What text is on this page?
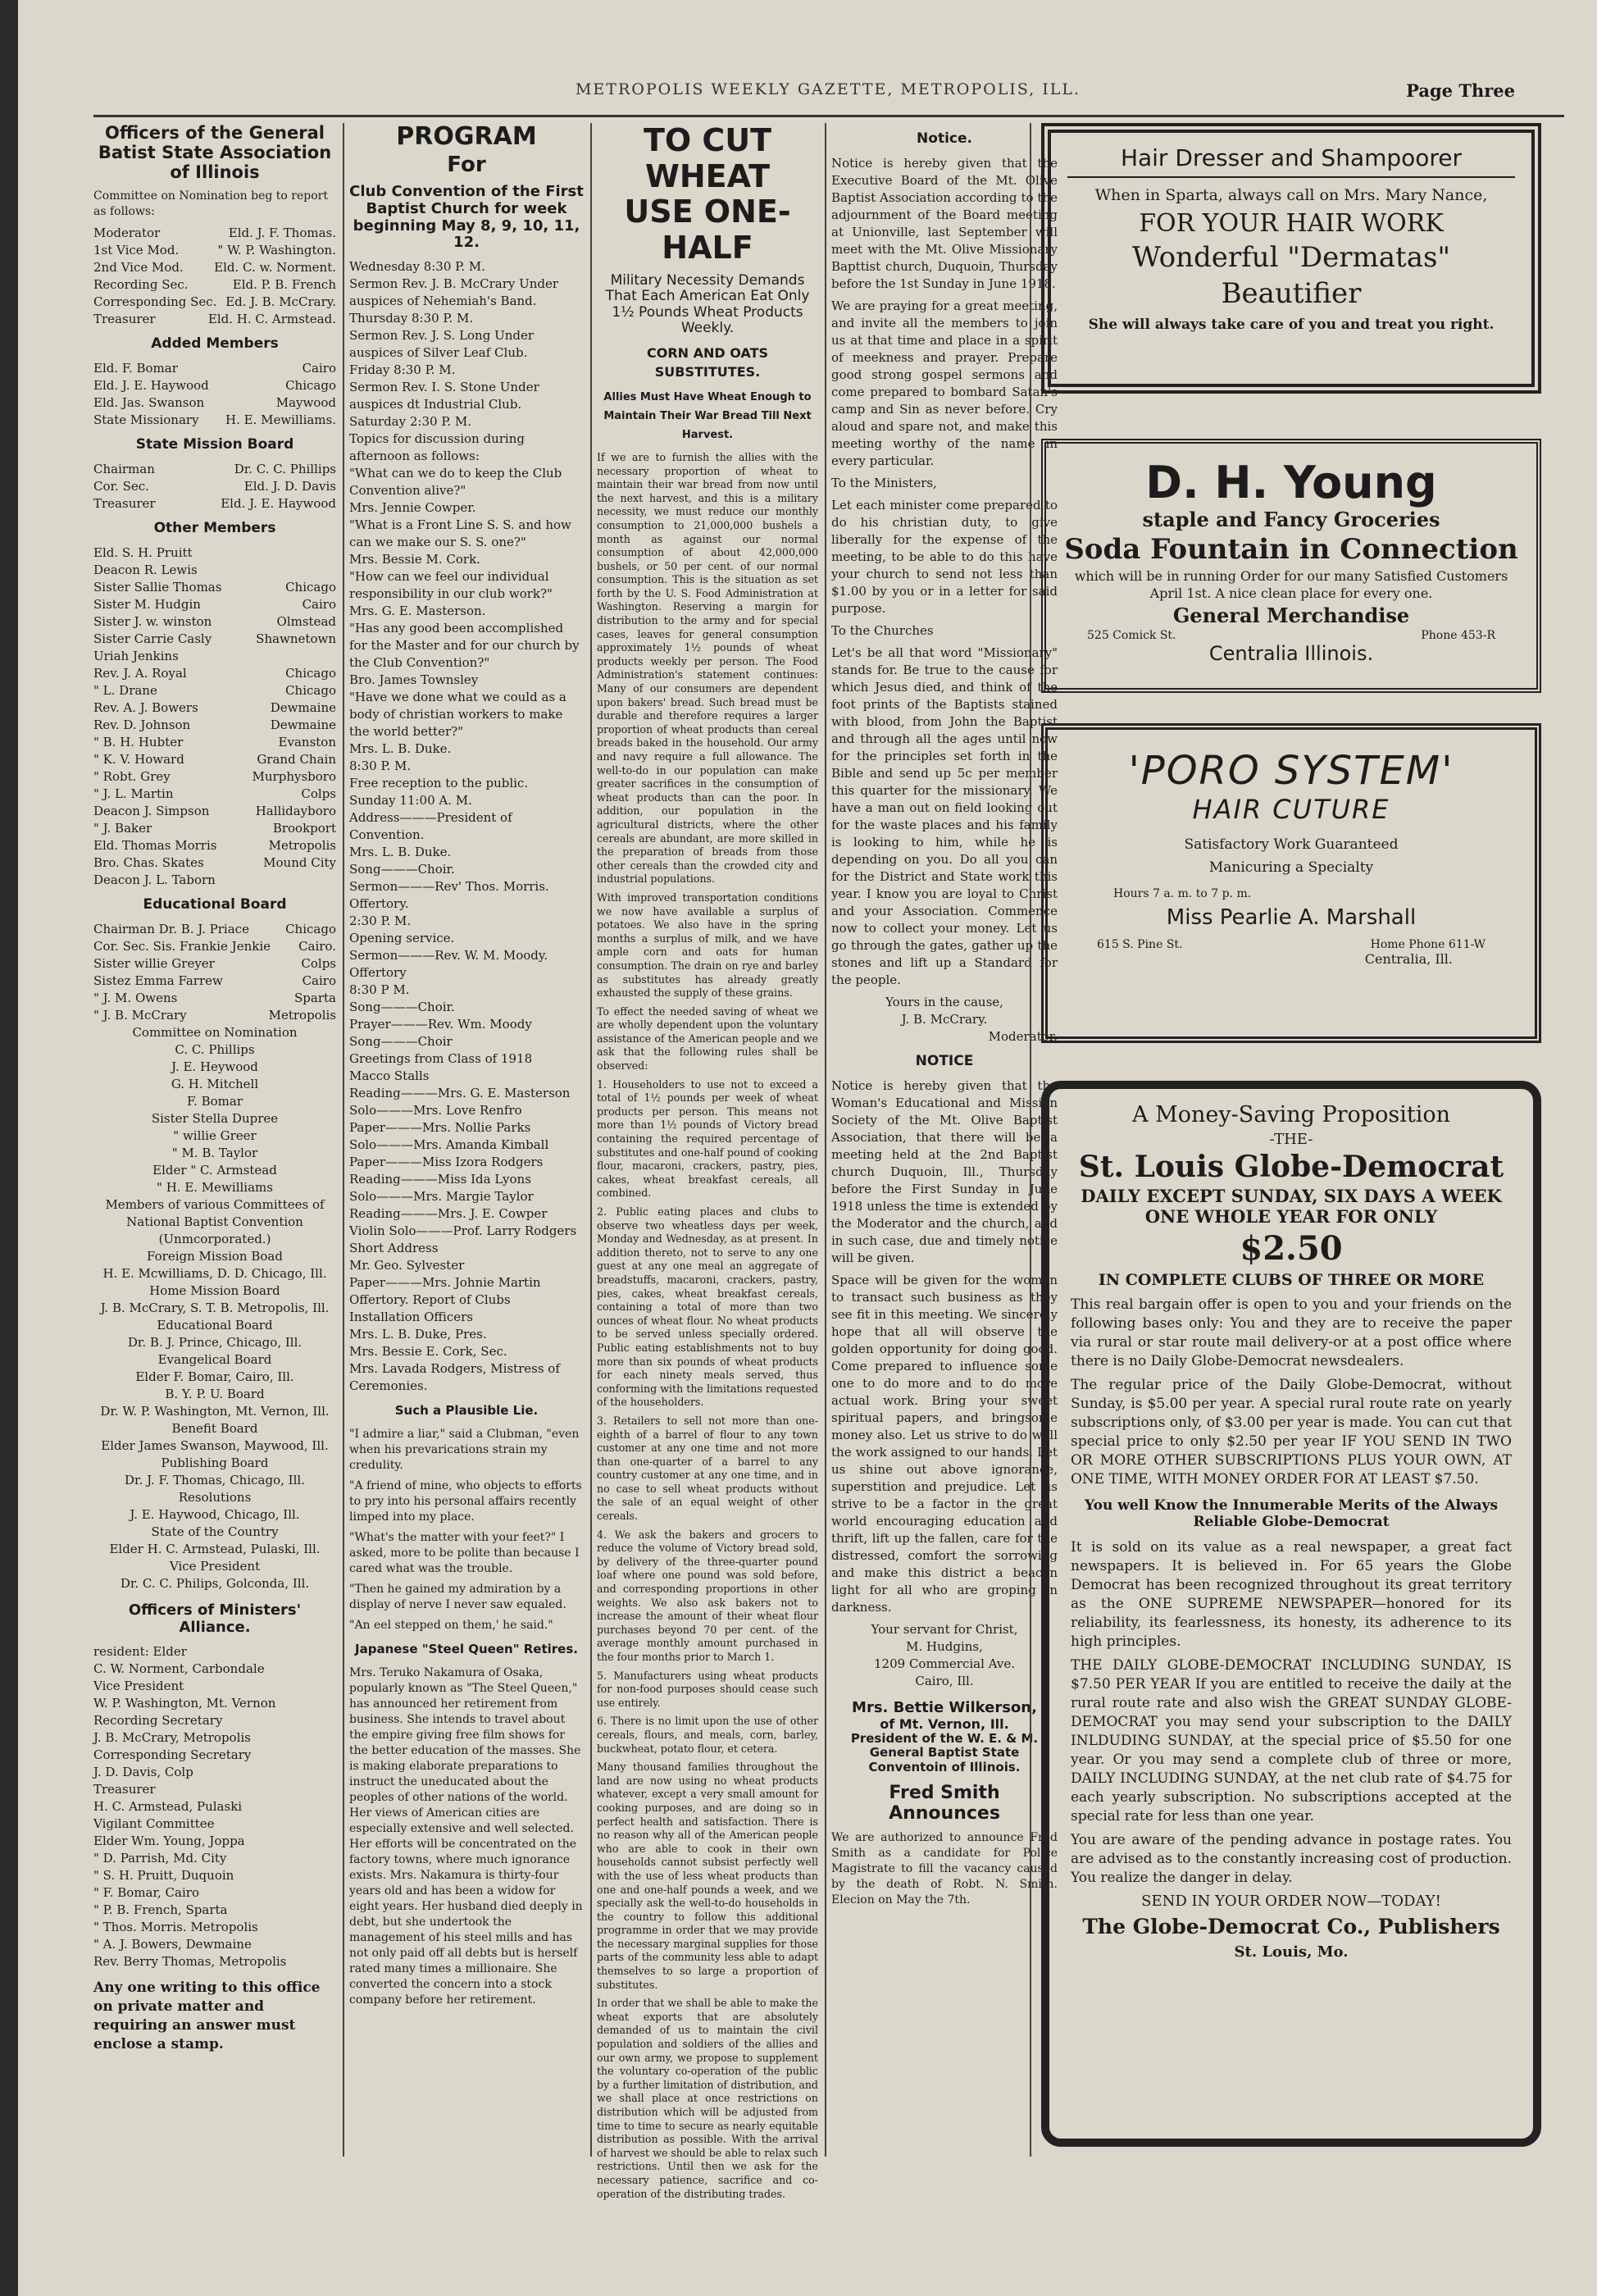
METROPOLIS WEEKLY GAZETTE, METROPOLIS, ILL.	Page Three
Officers of the General Batist State Association of Illinois

Committee on Nomination beg to report as follows:

Moderator	Eld. J. F. Thomas.
1st Vice Mod.	" W. P. Washington.
2nd Vice Mod. Eld. C. w. Norment.
Recording Sec.	Eld. P. B. French
Corresponding Sec. Ed. J. B. McCrary.
Treasurer	Eld. H. C. Armstead.
Added Members
Eld. F. Bomar	Cairo
Eld. J. E. Haywood	Chicago
Eld. Jas. Swanson	Maywood
State Missionary H. E. Mewilliams.
State Mission Board
Chairman	Dr. C. C. Phillips
Cor. Sec.	Eld. J. D. Davis
Treasurer	Eld. J. E. Haywood
Other Members
Eld. S. H. Pruitt
Deacon R. Lewis
Sister Sallie Thomas	Chicago
Sister M. Hudgin	Cairo
Sister J. w. winston	Olmstead
Sister Carrie Casly	Shawnetown
Uriah Jenkins
Rev. J. A. Royal	Chicago
" L. Drane	Chicago
Rev. A. J. Bowers	Dewmaine
Rev. D. Johnson	Dewmaine
" B. H. Hubter	Evanston
" K. V. Howard	Grand Chain
" Robt. Grey	Murphysboro
" J. L. Martin	Colps
Deacon J. Simpson	Hallidayboro
" J. Baker	Brookport
Eld. Thomas Morris	Metropolis
Bro. Chas. Skates	Mound City
Deacon J. L. Taborn
Educational Board
Chairman Dr. B. J. Priace	Chicago
Cor. Sec. Sis. Frankie Jenkie Cairo.
Sister willie Greyer	Colps
Sistez Emma Farrew	Cairo
" J. M. Owens	Sparta
" J. B. McCrary	Metropolis
Committee on Nomination
C. C. Phillips
J. E. Heywood
G. H. Mitchell
F. Bomar
Sister Stella Dupree
" willie Greer
" M. B. Taylor
Elder " C. Armstead
" H. E. Mewilliams
Members of various Committees of National Baptist Convention
(Unmcorporated.)
Foreign Mission Boad
H. E. Mcwilliams, D. D. Chicago, Ill.
Home Mission Board
J. B. McCrary, S. T. B. Metropolis, Ill.
Educational Board
Dr. B. J. Prince, Chicago, Ill.
Evangelical Board
Elder F. Bomar, Cairo, Ill.
B. Y. P. U. Board
Dr. W. P. Washington, Mt. Vernon, Ill.
Benefit Board
Elder James Swanson, Maywood, Ill.
Publishing Board
Dr. J. F. Thomas, Chicago, Ill.
Resolutions
J. E. Haywood, Chicago, Ill.
State of the Country
Elder H. C. Armstead, Pulaski, Ill.
Vice President
Dr. C. C. Philips, Golconda, Ill.
Officers of Ministers' Alliance.
resident: Elder
C. W. Norment, Carbondale
Vice President
W. P. Washington, Mt. Vernon
Recording Secretary
J. B. McCrary, Metropolis
Corresponding Secretary
J. D. Davis, Colp
Treasurer
H. C. Armstead, Pulaski
Vigilant Committee
Elder Wm. Young, Joppa
" D. Parrish, Md. City
" S. H. Pruitt, Duquoin
" F. Bomar, Cairo
" P. B. French, Sparta
" Thos. Morris. Metropolis
" A. J. Bowers, Dewmaine
Rev. Berry Thomas, Metropolis

Any one writing to this office on private matter and requiring an answer must enclose a stamp.

PROGRAM
For
Club Convention of the First Baptist Church for week beginning May 8, 9, 10, 11, 12.
Wednesday 8:30 P. M.
Sermon Rev. J. B. McCrary Under auspices of Nehemiah's Band.
Thursday 8:30 P. M.
Sermon Rev. J. S. Long Under auspices of Silver Leaf Club.
Friday 8:30 P. M.
Sermon Rev. I. S. Stone Under auspices dt Industrial Club.
Saturday 2:30 P. M.
Topics for discussion during afternoon as follows:
"What can we do to keep the Club Convention alive?"
Mrs. Jennie Cowper.
"What is a Front Line S. S. and how can we make our S. S. one?"
Mrs. Bessie M. Cork.
"How can we feel our individual responsibility in our club work?"
Mrs. G. E. Masterson.
"Has any good been accomplished for the Master and for our church by the Club Convention?"
Bro. James Townsley
"Have we done what we could as a body of christian workers to make the world better?"
Mrs. L. B. Duke.
8:30 P. M.
Free reception to the public.
Sunday 11:00 A. M.
Address———President of Convention.
Mrs. L. B. Duke.
Song———Choir.
Sermon———Rev' Thos. Morris.
Offertory.
2:30 P. M.
Opening service.
Sermon———Rev. W. M. Moody.
Offertory
8:30 P M.
Song———Choir.
Prayer———Rev. Wm. Moody
Song———Choir
Greetings from Class of 1918
Macco Stalls
Reading———Mrs. G. E. Masterson
Solo———Mrs. Love Renfro
Paper———Mrs. Nollie Parks
Solo———Mrs. Amanda Kimball
Paper———Miss Izora Rodgers
Reading———Miss Ida Lyons
Solo———Mrs. Margie Taylor
Reading———Mrs. J. E. Cowper
Violin Solo———Prof. Larry Rodgers
Short Address
Mr. Geo. Sylvester
Paper———Mrs. Johnie Martin
Offertory. Report of Clubs
Installation Officers
Mrs. L. B. Duke, Pres.
Mrs. Bessie E. Cork, Sec.
Mrs. Lavada Rodgers, Mistress of Ceremonies.
Such a Plausible Lie.

"I admire a liar," said a Clubman, "even when his prevarications strain my credulity.

"A friend of mine, who objects to efforts to pry into his personal affairs recently limped into my place.

"What's the matter with your feet?" I asked, more to be polite than because I cared what was the trouble.

"Then he gained my admiration by a display of nerve I never saw equaled.

"An eel stepped on them,' he said."

Japanese "Steel Queen" Retires.

Mrs. Teruko Nakamura of Osaka, popularly known as "The Steel Queen," has announced her retirement from business. She intends to travel about the empire giving free film shows for the better education of the masses. She is making elaborate preparations to instruct the uneducated about the peoples of other nations of the world. Her views of American cities are especially extensive and well selected. Her efforts will be concentrated on the factory towns, where much ignorance exists. Mrs. Nakamura is thirty-four years old and has been a widow for eight years. Her husband died deeply in debt, but she undertook the management of his steel mills and has not only paid off all debts but is herself rated many times a millionaire. She converted the concern into a stock company before her retirement.

TO CUT WHEAT
USE ONE-HALF
Military Necessity Demands That Each American Eat Only 1½ Pounds Wheat Products Weekly.
CORN AND OATS SUBSTITUTES.
Allies Must Have Wheat Enough to Maintain Their War Bread Till Next Harvest.

If we are to furnish the allies with the necessary proportion of wheat to maintain their war bread from now until the next harvest, and this is a military necessity, we must reduce our monthly consumption to 21,000,000 bushels a month as against our normal consumption of about 42,000,000 bushels, or 50 per cent. of our normal consumption. This is the situation as set forth by the U. S. Food Administration at Washington. Reserving a margin for distribution to the army and for special cases, leaves for general consumption approximately 1½ pounds of wheat products weekly per person. The Food Administration's statement continues: Many of our consumers are dependent upon bakers' bread. Such bread must be durable and therefore requires a larger proportion of wheat products than cereal breads baked in the household. Our army and navy require a full allowance. The well-to-do in our population can make greater sacrifices in the consumption of wheat products than can the poor. In addition, our population in the agricultural districts, where the other cereals are abundant, are more skilled in the preparation of breads from those other cereals than the crowded city and industrial populations.

With improved transportation conditions we now have available a surplus of potatoes. We also have in the spring months a surplus of milk, and we have ample corn and oats for human consumption. The drain on rye and barley as substitutes has already greatly exhausted the supply of these grains.

To effect the needed saving of wheat we are wholly dependent upon the voluntary assistance of the American people and we ask that the following rules shall be observed:

1. Householders to use not to exceed a total of 1½ pounds per week of wheat products per person. This means not more than 1½ pounds of Victory bread containing the required percentage of substitutes and one-half pound of cooking flour, macaroni, crackers, pastry, pies, cakes, wheat breakfast cereals, all combined.

2. Public eating places and clubs to observe two wheatless days per week, Monday and Wednesday, as at present. In addition thereto, not to serve to any one guest at any one meal an aggregate of breadstuffs, macaroni, crackers, pastry, pies, cakes, wheat breakfast cereals, containing a total of more than two ounces of wheat flour. No wheat products to be served unless specially ordered. Public eating establishments not to buy more than six pounds of wheat products for each ninety meals served, thus conforming with the limitations requested of the householders.

3. Retailers to sell not more than one-eighth of a barrel of flour to any town customer at any one time and not more than one-quarter of a barrel to any country customer at any one time, and in no case to sell wheat products without the sale of an equal weight of other cereals.

4. We ask the bakers and grocers to reduce the volume of Victory bread sold, by delivery of the three-quarter pound loaf where one pound was sold before, and corresponding proportions in other weights. We also ask bakers not to increase the amount of their wheat flour purchases beyond 70 per cent. of the average monthly amount purchased in the four months prior to March 1.

5. Manufacturers using wheat products for non-food purposes should cease such use entirely.

6. There is no limit upon the use of other cereals, flours, and meals, corn, barley, buckwheat, potato flour, et cetera.

Many thousand families throughout the land are now using no wheat products whatever, except a very small amount for cooking purposes, and are doing so in perfect health and satisfaction. There is no reason why all of the American people who are able to cook in their own households cannot subsist perfectly well with the use of less wheat products than one and one-half pounds a week, and we specially ask the well-to-do households in the country to follow this additional programme in order that we may provide the necessary marginal supplies for those parts of the community less able to adapt themselves to so large a proportion of substitutes.

In order that we shall be able to make the wheat exports that are absolutely demanded of us to maintain the civil population and soldiers of the allies and our own army, we propose to supplement the voluntary co-operation of the public by a further limitation of distribution, and we shall place at once restrictions on distribution which will be adjusted from time to time to secure as nearly equitable distribution as possible. With the arrival of harvest we should be able to relax such restrictions. Until then we ask for the necessary patience, sacrifice and co-operation of the distributing trades.

Notice.

Notice is hereby given that the Executive Board of the Mt. Olive Baptist Association according to the adjournment of the Board meeting at Unionville, last September will meet with the Mt. Olive Missionary Bapttist church, Duquoin, Thursday before the 1st Sunday in June 1918.

We are praying for a great meeting, and invite all the members to join us at that time and place in a spirit of meekness and prayer. Prepare good strong gospel sermons and come prepared to bombard Satan's camp and Sin as never before. Cry aloud and spare not, and make this meeting worthy of the name in every particular.

To the Ministers,

Let each minister come prepared to do his christian duty, to give liberally for the expense of the meeting, to be able to do this have your church to send not less than $1.00 by you or in a letter for said purpose.

To the Churches

Let's be all that word "Missionary" stands for. Be true to the cause for which Jesus died, and think of the foot prints of the Baptists stained with blood, from John the Baptist and through all the ages until now for the principles set forth in the Bible and send up 5c per member this quarter for the missionary. We have a man out on field looking out for the waste places and his family is looking to him, while he is depending on you. Do all you can for the District and State work this year. I know you are loyal to Christ and your Association. Commence now to collect your money. Let us go through the gates, gather up the stones and lift up a Standard for the people.

Yours in the cause,
J. B. McCrary.
Moderator.
NOTICE

Notice is hereby given that the Woman's Educational and Mission Society of the Mt. Olive Baptist Association, that there will be a meeting held at the 2nd Baptist church Duquoin, Ill., Thursday before the First Sunday in June 1918 unless the time is extended by the Moderator and the church, and in such case, due and timely notice will be given.

Space will be given for the women to transact such business as they see fit in this meeting. We sincerely hope that all will observe the golden opportunity for doing good. Come prepared to influence some one to do more and to do more actual work. Bring your sweet spiritual papers, and bringsome money also. Let us strive to do well the work assigned to our hands. Let us shine out above ignorance, superstition and prejudice. Let us strive to be a factor in the great world encouraging education and thrift, lift up the fallen, care for the distressed, comfort the sorrowing and make this district a beacon light for all who are groping in darkness.

Your servant for Christ,
M. Hudgins,
1209 Commercial Ave.
Cairo, Ill.
Mrs. Bettie Wilkerson,
of Mt. Vernon, Ill.
President of the W. E. & M. General Baptist State Conventoin of Illinois.
Fred Smith Announces

We are authorized to announce Fred Smith as a candidate for Police Magistrate to fill the vacancy caused by the death of Robt. N. Smith. Elecion on May the 7th.

Hair Dresser and Shampoorer
When in Sparta, always call on Mrs. Mary Nance,
FOR YOUR HAIR WORK
Wonderful "Dermatas"
Beautifier
She will always take care of you and treat you right.
D. H. Young
staple and Fancy Groceries
Soda Fountain in Connection
which will be in running Order for our many Satisfied Customers April 1st. A nice clean place for every one.
General Merchandise
525 Comick St.	Phone 453-R
Centralia Illinois.
'PORO SYSTEM'
HAIR CUTURE
Satisfactory Work Guaranteed
Manicuring a Specialty
Hours 7 a. m. to 7 p. m.
Miss Pearlie A. Marshall
615 S. Pine St.	Home Phone 611-W
Centralia, Ill.
A Money-Saving Proposition
-THE-
St. Louis Globe-Democrat
DAILY EXCEPT SUNDAY, SIX DAYS A WEEK
ONE WHOLE YEAR FOR ONLY
$2.50
IN COMPLETE CLUBS OF THREE OR MORE

This real bargain offer is open to you and your friends on the following bases only: You and they are to receive the paper via rural or star route mail delivery-or at a post office where there is no Daily Globe-Democrat newsdealers.

The regular price of the Daily Globe-Democrat, without Sunday, is $5.00 per year. A special rural route rate on yearly subscriptions only, of $3.00 per year is made. You can cut that special price to only $2.50 per year IF YOU SEND IN TWO OR MORE OTHER SUBSCRIPTIONS PLUS YOUR OWN, AT ONE TIME, WITH MONEY ORDER FOR AT LEAST $7.50.

You well Know the Innumerable Merits of the Always Reliable Globe-Democrat

It is sold on its value as a real newspaper, a great fact newspapers. It is believed in. For 65 years the Globe Democrat has been recognized throughout its great territory as the ONE SUPREME NEWSPAPER—honored for its reliability, its fearlessness, its honesty, its adherence to its high principles.

THE DAILY GLOBE-DEMOCRAT INCLUDING SUNDAY, IS $7.50 PER YEAR If you are entitled to receive the daily at the rural route rate and also wish the GREAT SUNDAY GLOBE-DEMOCRAT you may send your subscription to the DAILY INLDUDING SUNDAY, at the special price of $5.50 for one year. Or you may send a complete club of three or more, DAILY INCLUDING SUNDAY, at the net club rate of $4.75 for each yearly subscription. No subscriptions accepted at the special rate for less than one year.

You are aware of the pending advance in postage rates. You are advised as to the constantly increasing cost of production. You realize the danger in delay.

SEND IN YOUR ORDER NOW—TODAY!
The Globe-Democrat Co., Publishers
St. Louis, Mo.
